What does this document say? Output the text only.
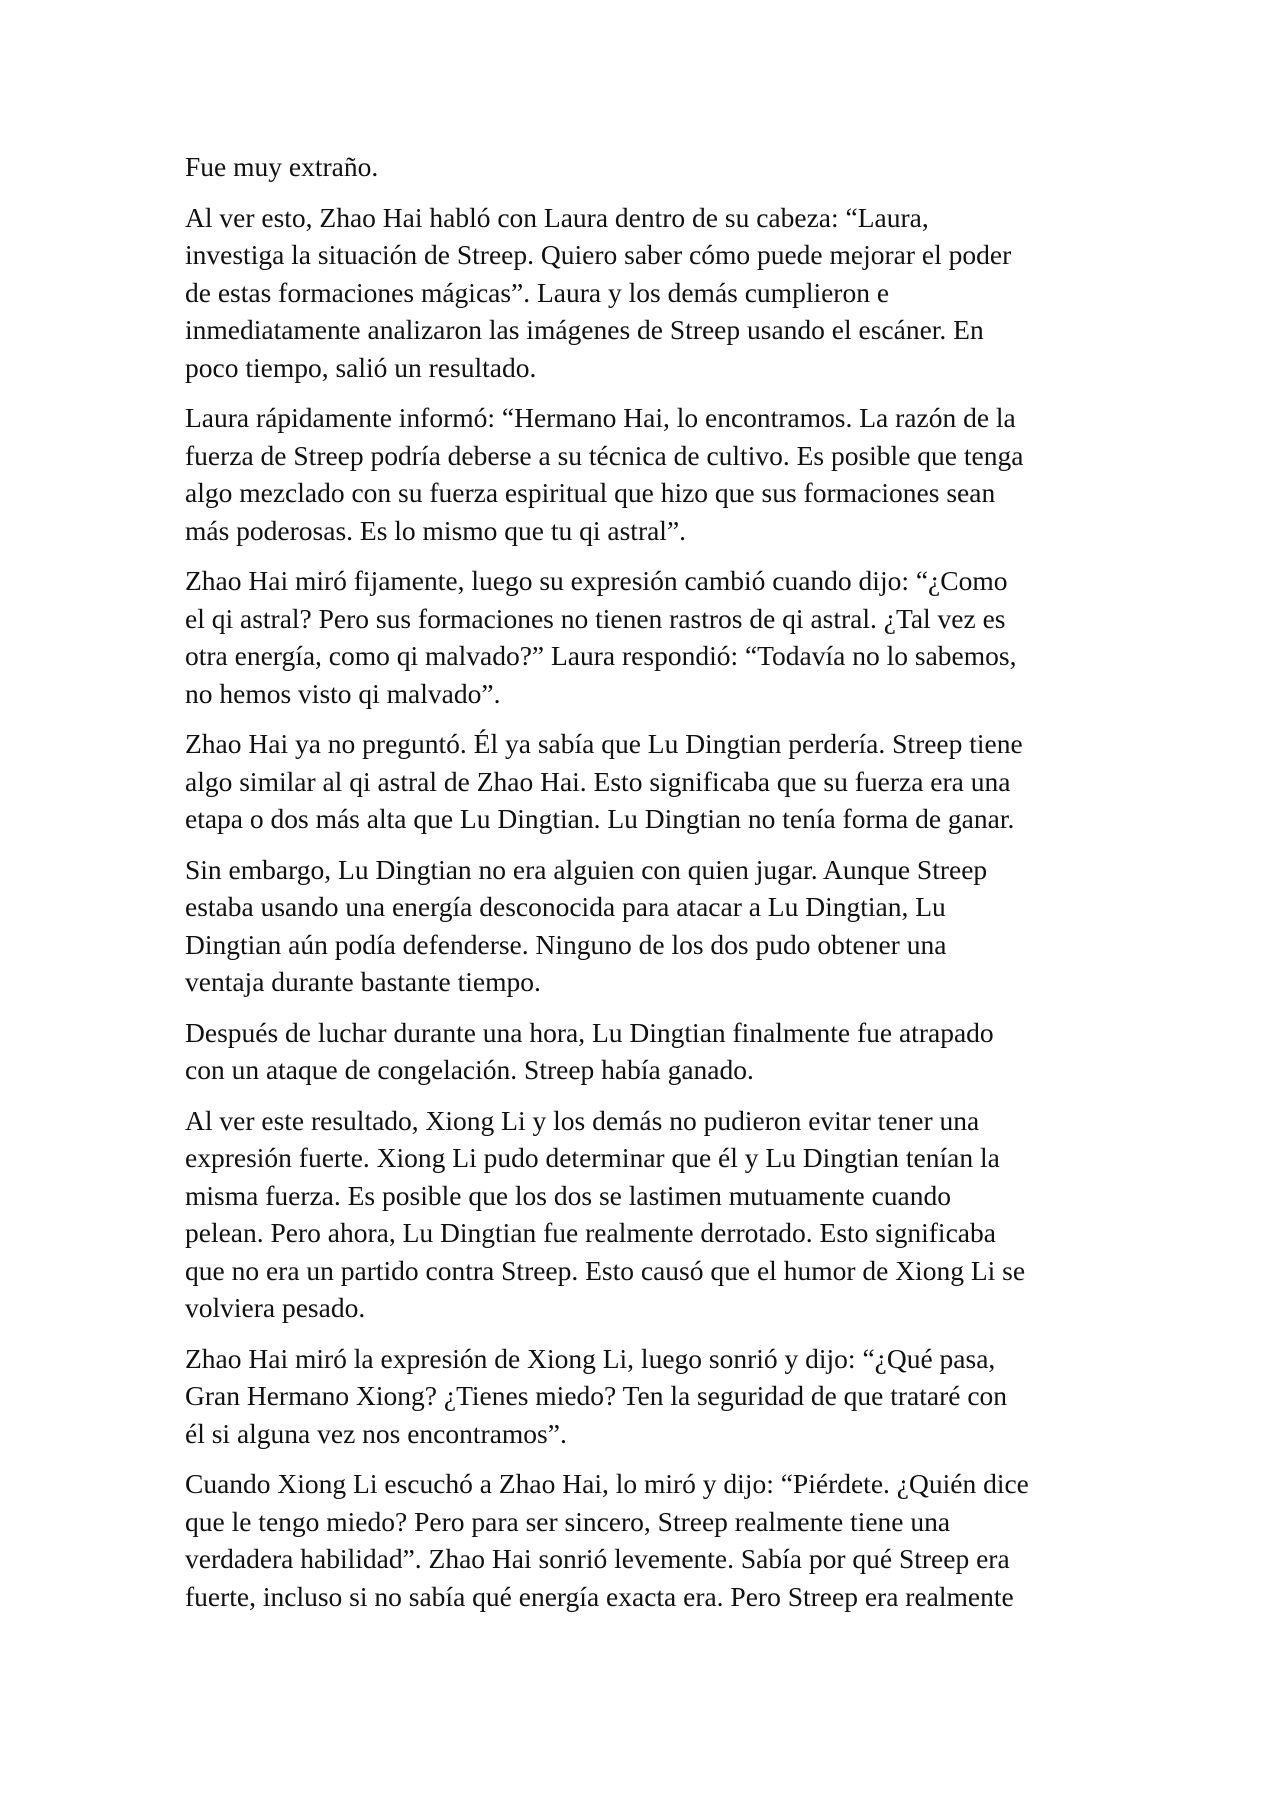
Fue muy extraño.

Al ver esto, Zhao Hai habló con Laura dentro de su cabeza: “Laura,
investiga la situación de Streep. Quiero saber cómo puede mejorar el poder
de estas formaciones mágicas”. Laura y los demás cumplieron e
inmediatamente analizaron las imágenes de Streep usando el escáner. En
poco tiempo, salió un resultado.

Laura rápidamente informó: “Hermano Hai, lo encontramos. La razón de la
fuerza de Streep podría deberse a su técnica de cultivo. Es posible que tenga
algo mezclado con su fuerza espiritual que hizo que sus formaciones sean
más poderosas. Es lo mismo que tu qi astral”.

Zhao Hai miró fijamente, luego su expresión cambió cuando dijo: “¿Como
el qi astral? Pero sus formaciones no tienen rastros de qi astral. ¿Tal vez es
otra energía, como qi malvado?” Laura respondió: “Todavía no lo sabemos,
no hemos visto qi malvado”.

Zhao Hai ya no preguntó. Él ya sabía que Lu Dingtian perdería. Streep tiene
algo similar al qi astral de Zhao Hai. Esto significaba que su fuerza era una
etapa o dos más alta que Lu Dingtian. Lu Dingtian no tenía forma de ganar.

Sin embargo, Lu Dingtian no era alguien con quien jugar. Aunque Streep
estaba usando una energía desconocida para atacar a Lu Dingtian, Lu
Dingtian aún podía defenderse. Ninguno de los dos pudo obtener una
ventaja durante bastante tiempo.

Después de luchar durante una hora, Lu Dingtian finalmente fue atrapado
con un ataque de congelación. Streep había ganado.

Al ver este resultado, Xiong Li y los demás no pudieron evitar tener una
expresión fuerte. Xiong Li pudo determinar que él y Lu Dingtian tenían la
misma fuerza. Es posible que los dos se lastimen mutuamente cuando
pelean. Pero ahora, Lu Dingtian fue realmente derrotado. Esto significaba
que no era un partido contra Streep. Esto causó que el humor de Xiong Li se
volviera pesado.

Zhao Hai miró la expresión de Xiong Li, luego sonrió y dijo: “¿Qué pasa,
Gran Hermano Xiong? ¿Tienes miedo? Ten la seguridad de que trataré con
él si alguna vez nos encontramos”.

Cuando Xiong Li escuchó a Zhao Hai, lo miró y dijo: “Piérdete. ¿Quién dice
que le tengo miedo? Pero para ser sincero, Streep realmente tiene una
verdadera habilidad”. Zhao Hai sonrió levemente. Sabía por qué Streep era
fuerte, incluso si no sabía qué energía exacta era. Pero Streep era realmente
